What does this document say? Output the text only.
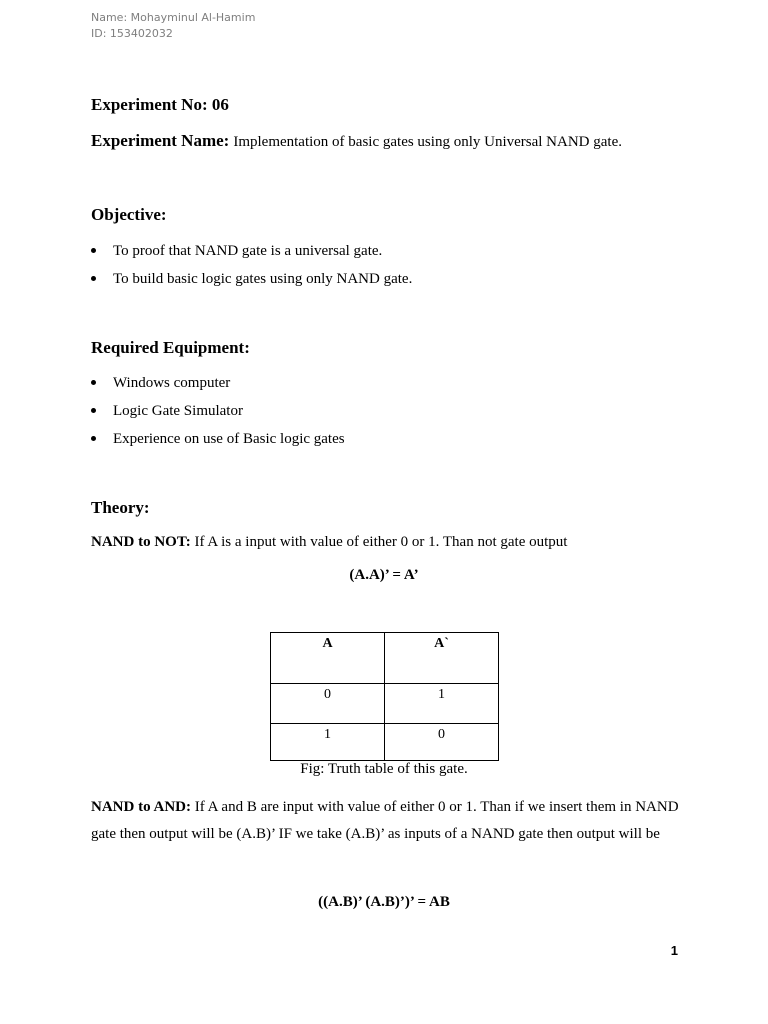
Name: Mohayminul Al-Hamim
ID: 153402032
Experiment No: 06
Experiment Name: Implementation of basic gates using only Universal NAND gate.
Objective:
To proof that NAND gate is a universal gate.
To build basic logic gates using only NAND gate.
Required Equipment:
Windows computer
Logic Gate Simulator
Experience on use of Basic logic gates
Theory:
NAND to NOT: If A is a input with value of either 0 or 1. Than not gate output
(A.A)’ = A’
A	A`
0	1
1	0
Fig: Truth table of this gate.
NAND to AND: If A and B are input with value of either 0 or 1. Than if we insert them in NAND gate then output will be (A.B)’ IF we take (A.B)’ as inputs of a NAND gate then output will be
((A.B)’ (A.B)’)’ = AB
1
